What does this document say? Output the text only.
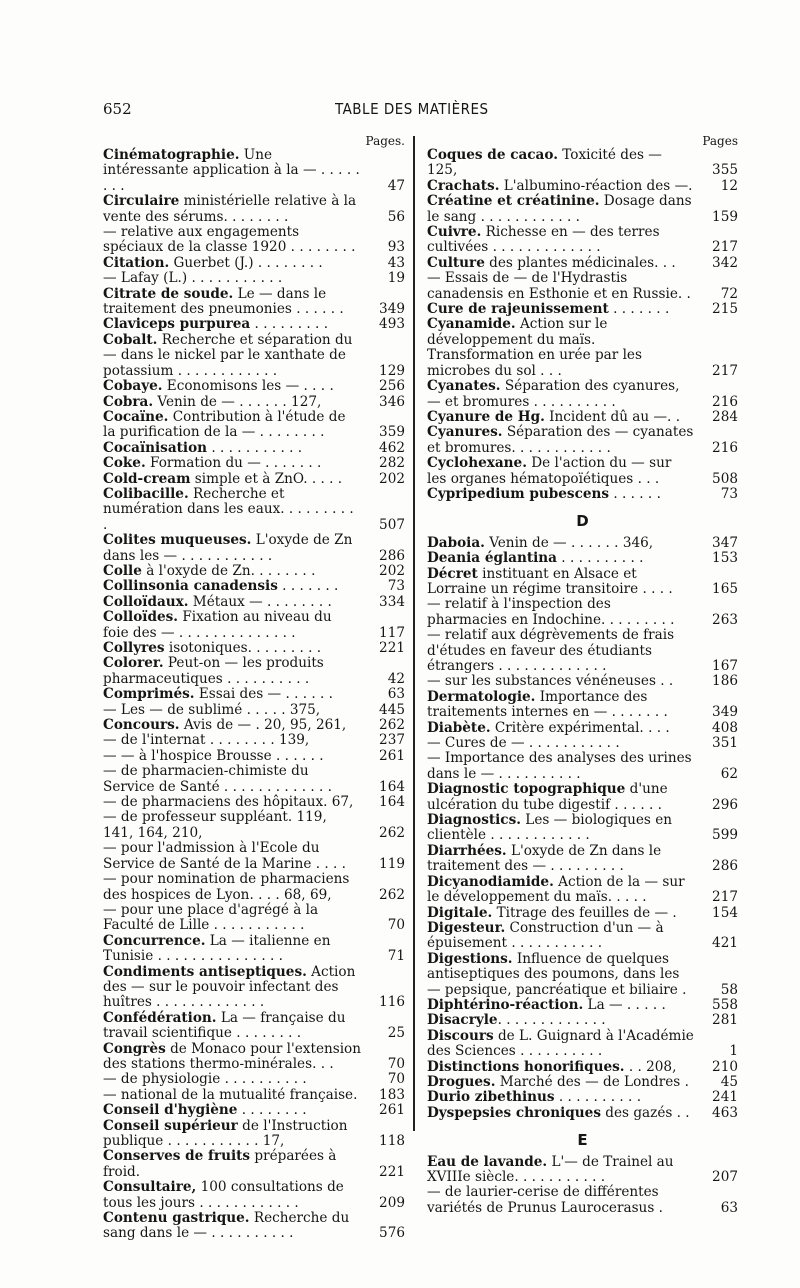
652	TABLE DES MATIÈRES
Pages.
Cinématographie. Une intéressante application à la — . . . . . . . .	47
Circulaire ministérielle relative à la vente des sérums. . . . . . . .	56
— relative aux engagements spéciaux de la classe 1920 . . . . . . . .	93
Citation. Guerbet (J.) . . . . . . . .	43
— Lafay (L.) . . . . . . . . . . .	19
Citrate de soude. Le — dans le traitement des pneumonies . . . . . .	349
Claviceps purpurea . . . . . . . . .	493
Cobalt. Recherche et séparation du — dans le nickel par le xanthate de potassium . . . . . . . . . . . .	129
Cobaye. Economisons les — . . . .	256
Cobra. Venin de — . . . . . . 127,	346
Cocaïne. Contribution à l'étude de la purification de la — . . . . . . . .	359
Cocaïnisation . . . . . . . . . . .	462
Coke. Formation du — . . . . . . .	282
Cold-cream simple et à ZnO. . . . .	202
Colibacille. Recherche et numération dans les eaux. . . . . . . . . .	507
Colites muqueuses. L'oxyde de Zn dans les — . . . . . . . . . . .	286
Colle à l'oxyde de Zn. . . . . . . .	202
Collinsonia canadensis . . . . . . .	73
Colloïdaux. Métaux — . . . . . . . .	334
Colloïdes. Fixation au niveau du foie des — . . . . . . . . . . . . . .	117
Collyres isotoniques. . . . . . . . .	221
Colorer. Peut-on — les produits pharmaceutiques . . . . . . . . . .	42
Comprimés. Essai des — . . . . . .	63
— Les — de sublimé . . . . . 375,	445
Concours. Avis de — . 20, 95, 261,	262
— de l'internat . . . . . . . . 139,	237
— — à l'hospice Brousse . . . . . .	261
— de pharmacien-chimiste du Service de Santé . . . . . . . . . . . . .	164
— de pharmaciens des hôpitaux. 67,	164
— de professeur suppléant. 119, 141, 164, 210,	262
— pour l'admission à l'Ecole du Service de Santé de la Marine . . . .	119
— pour nomination de pharmaciens des hospices de Lyon. . . . 68, 69,	262
— pour une place d'agrégé à la Faculté de Lille . . . . . . . . . . .	70
Concurrence. La — italienne en Tunisie . . . . . . . . . . . . . . .	71
Condiments antiseptiques. Action des — sur le pouvoir infectant des huîtres . . . . . . . . . . . . .	116
Confédération. La — française du travail scientifique . . . . . . . .	25
Congrès de Monaco pour l'extension des stations thermo-minérales. . .	70
— de physiologie . . . . . . . . . .	70
— national de la mutualité française. 183
Conseil d'hygiène . . . . . . . .	261
Conseil supérieur de l'Instruction publique . . . . . . . . . . . 17,	118
Conserves de fruits préparées à froid.	221
Consultaire, 100 consultations de tous les jours . . . . . . . . . . . .	209
Contenu gastrique. Recherche du sang dans le — . . . . . . . . . .	576
Pages
Coques de cacao. Toxicité des — 125,	355
Crachats. L'albumino-réaction des —. 12
Créatine et créatinine. Dosage dans le sang . . . . . . . . . . . .	159
Cuivre. Richesse en — des terres cultivées . . . . . . . . . . . . .	217
Culture des plantes médicinales. . .	342
— Essais de — de l'Hydrastis canadensis en Esthonie et en Russie. . 72
Cure de rajeunissement . . . . . . .	215
Cyanamide. Action sur le développement du maïs. Transformation en urée par les microbes du sol . . .	217
Cyanates. Séparation des cyanures, — et bromures . . . . . . . . . .	216
Cyanure de Hg. Incident dû au —. .	284
Cyanures. Séparation des — cyanates et bromures. . . . . . . . . . . .	216
Cyclohexane. De l'action du — sur les organes hématopoïétiques . . .	508
Cypripedium pubescens . . . . . .	73
D
Daboia. Venin de — . . . . . . 346,	347
Deania églantina . . . . . . . . . .	153
Décret instituant en Alsace et Lorraine un régime transitoire . . . .	165
— relatif à l'inspection des pharmacies en Indochine. . . . . . . . .	263
— relatif aux dégrèvements de frais d'études en faveur des étudiants étrangers . . . . . . . . . . . . .	167
— sur les substances vénéneuses . .	186
Dermatologie. Importance des traitements internes en — . . . . . . .	349
Diabète. Critère expérimental. . . .	408
— Cures de — . . . . . . . . . . .	351
— Importance des analyses des urines dans le — . . . . . . . . . .	62
Diagnostic topographique d'une ulcération du tube digestif . . . . . .	296
Diagnostics. Les — biologiques en clientèle . . . . . . . . . . . .	599
Diarrhées. L'oxyde de Zn dans le traitement des — . . . . . . . . .	286
Dicyanodiamide. Action de la — sur le développement du maïs. . . . .	217
Digitale. Titrage des feuilles de — .	154
Digesteur. Construction d'un — à épuisement . . . . . . . . . . .	421
Digestions. Influence de quelques antiseptiques des poumons, dans les — pepsique, pancréatique et biliaire .	58
Diphtérino-réaction. La — . . . . .	558
Disacryle. . . . . . . . . . . . .	281
Discours de L. Guignard à l'Académie des Sciences . . . . . . . . . .	1
Distinctions honorifiques. . . 208,	210
Drogues. Marché des — de Londres .	45
Durio zibethinus . . . . . . . . . .	241
Dyspepsies chroniques des gazés . .	463
E
Eau de lavande. L'— de Trainel au XVIIIe siècle. . . . . . . . . . .	207
— de laurier-cerise de différentes variétés de Prunus Laurocerasus .	63
